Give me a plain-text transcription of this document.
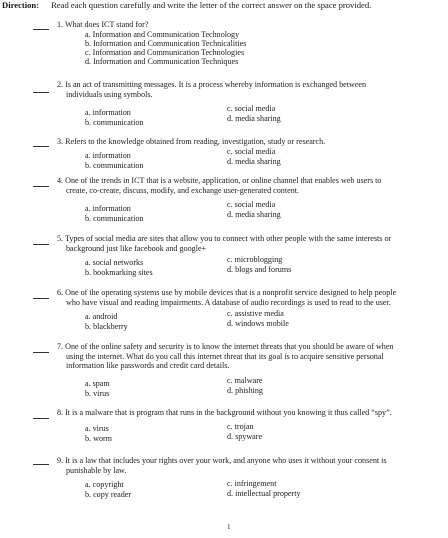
Direction: Read each question carefully and write the letter of the correct answer on the space provided.
1. What does ICT stand for?
a. Information and Communication Technology
b. Information and Communication Technicalities
c. Information and Communication Technologies
d. Information and Communication Techniques
2. Is an act of transmitting messages. It is a process whereby information is exchanged between
individuals using symbols.
a. information	c. social media
b. communication	d. media sharing
3. Refers to the knowledge obtained from reading, investigation, study or research.
a. information	c. social media
b. communication	d. media sharing
4. One of the trends in ICT that is a website, application, or online channel that enables web users to
create, co-create, discuss, modify, and exchange user-generated content.
a. information	c. social media
b. communication	d. media sharing
5. Types of social media are sites that allow you to connect with other people with the same interests or
background just like facebook and google+
a. social networks	c. microblogging
b. bookmarking sites	d. blogs and forums
6. One of the operating systems use by mobile devices that is a nonprofit service designed to help people
who have visual and reading impairments. A database of audio recordings is used to read to the user.
a. android	c. assistive media
b. blackberry	d. windows mobile
7. One of the online safety and security is to know the internet threats that you should be aware of when
using the internet. What do you call this internet threat that its goal is to acquire sensitive personal
information like passwords and credit card details.
a. spam	c. malware
b. virus	d. phishing
8. It is a malware that is program that runs in the background without you knowing it thus called “spy”.
a. virus	c. trojan
b. worm	d. spyware
9. It is a law that includes your rights over your work, and anyone who uses it without your consent is
punishable by law.
a. copyright	c. infringement
b. copy reader	d. intellectual property
1
